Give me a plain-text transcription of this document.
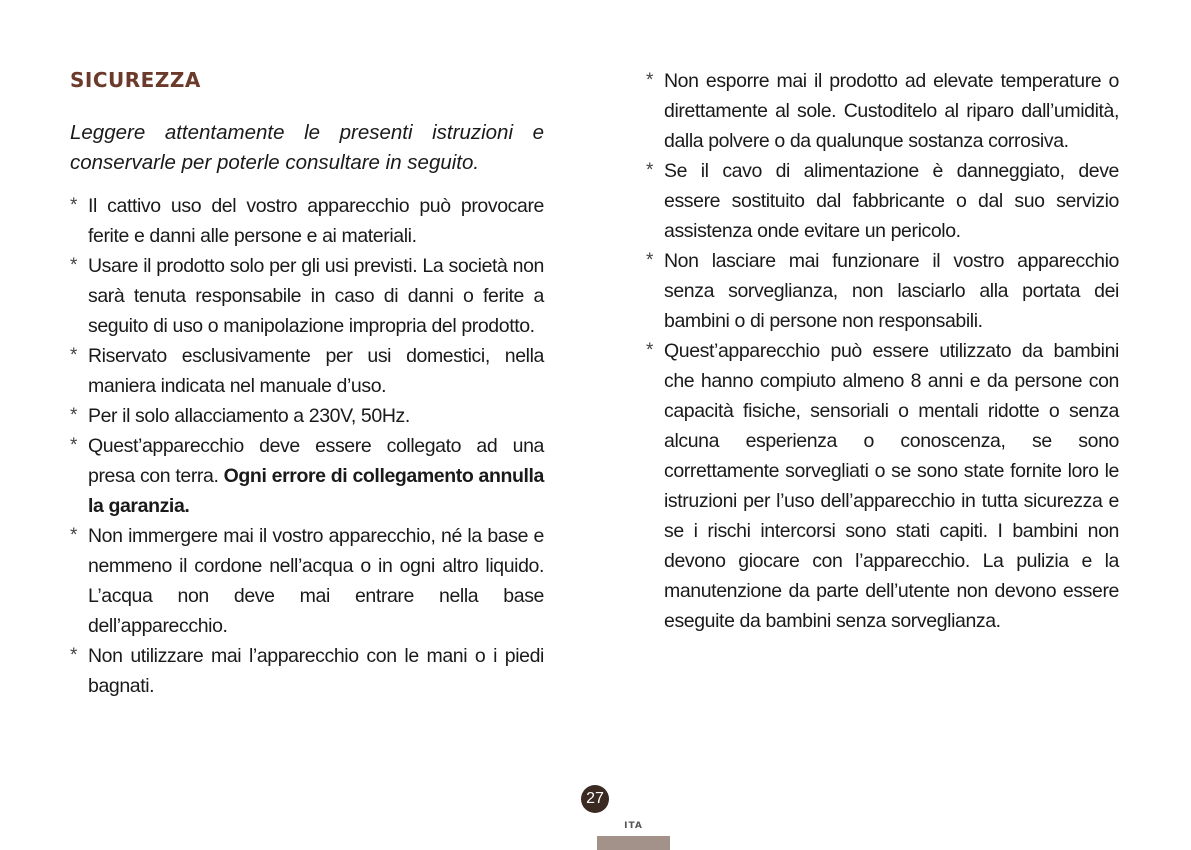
SICUREZZA

Leggere attentamente le presenti istruzioni e conservarle per poterle consultare in seguito.

* Il cattivo uso del vostro apparecchio può provocare ferite e danni alle persone e ai materiali.
* Usare il prodotto solo per gli usi previsti. La società non sarà tenuta responsabile in caso di danni o ferite a seguito di uso o manipolazione impropria del prodotto.
* Riservato esclusivamente per usi domestici, nella maniera indicata nel manuale d’uso.
* Per il solo allacciamento a 230V, 50Hz.
* Quest’apparecchio deve essere collegato ad una presa con terra. Ogni errore di collegamento annulla la garanzia.
* Non immergere mai il vostro apparecchio, né la base e nemmeno il cordone nell’acqua o in ogni altro liquido. L’acqua non deve mai entrare nella base dell’apparecchio.
* Non utilizzare mai l’apparecchio con le mani o i piedi bagnati.
* Non esporre mai il prodotto ad elevate temperature o direttamente al sole. Custoditelo al riparo dall’umidità, dalla polvere o da qualunque sostanza corrosiva.
* Se il cavo di alimentazione è danneggiato, deve essere sostituito dal fabbricante o dal suo servizio assistenza onde evitare un pericolo.
* Non lasciare mai funzionare il vostro apparecchio senza sorveglianza, non lasciarlo alla portata dei bambini o di persone non responsabili.
* Quest’apparecchio può essere utilizzato da bambini che hanno compiuto almeno 8 anni e da persone con capacità fisiche, sensoriali o mentali ridotte o senza alcuna esperienza o conoscenza, se sono correttamente sorvegliati o se sono state fornite loro le istruzioni per l’uso dell’apparecchio in tutta sicurezza e se i rischi intercorsi sono stati capiti. I bambini non devono giocare con l’apparecchio. La pulizia e la manutenzione da parte dell’utente non devono essere eseguite da bambini senza sorveglianza.
27
ITA
